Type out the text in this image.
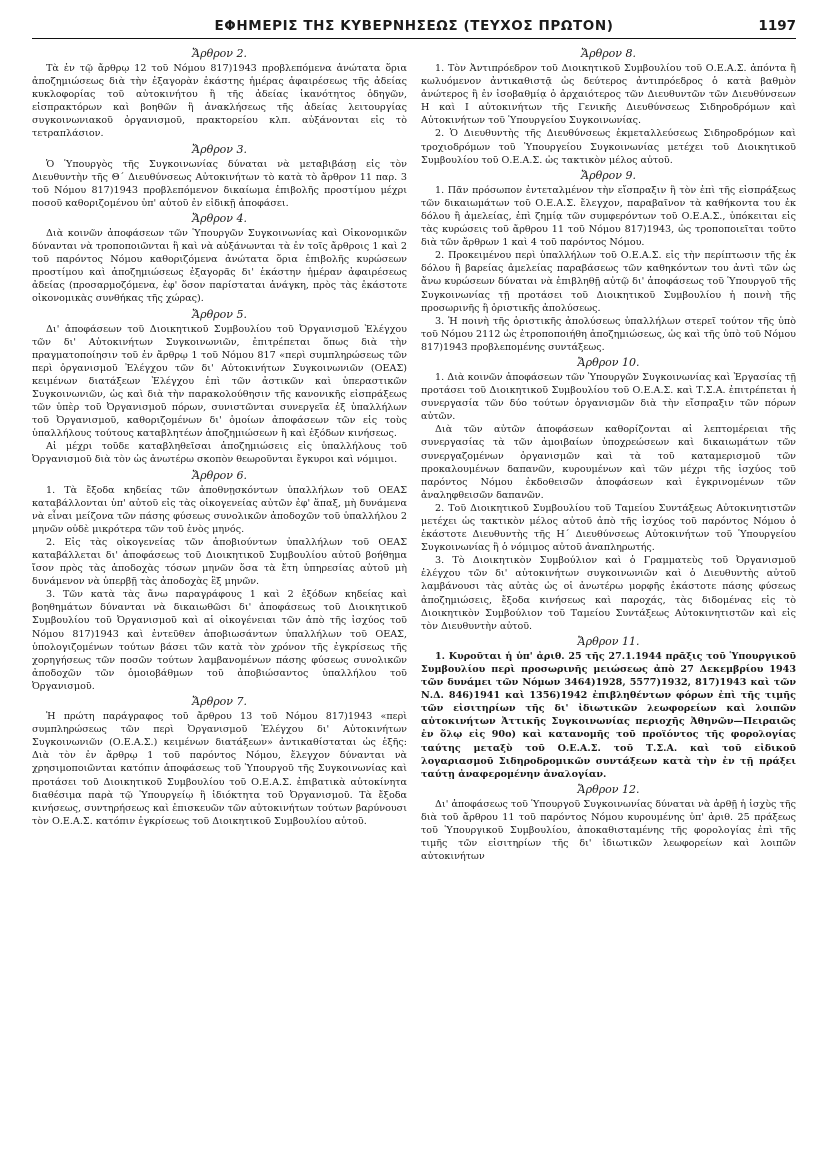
ΕΦΗΜΕΡΙΣ ΤΗΣ ΚΥΒΕΡΝΗΣΕΩΣ (ΤΕΥΧΟΣ ΠΡΩΤΟΝ)	1197
Ἄρθρον 2.

Τὰ ἐν τῷ ἄρθρῳ 12 τοῦ Νόμου 817)1943 προβλεπόμενα ἀνώτατα ὅρια ἀποζημιώσεως διὰ τὴν ἐξαγορὰν ἑκάστης ἡμέρας ἀφαιρέσεως τῆς ἀδείας κυκλοφορίας τοῦ αὐτοκινήτου ἢ τῆς ἀδείας ἱκανότητος ὁδηγῶν, εἰσπρακτόρων καὶ βοηθῶν ἢ ἀνακλήσεως τῆς ἀδείας λειτουργίας συγκοινωνιακοῦ ὀργανισμοῦ, πρακτορείου κλπ. αὐξάνονται εἰς τὸ τετραπλάσιον.

Ἄρθρον 3.

Ὁ Ὑπουργὸς τῆς Συγκοινωνίας δύναται νὰ μεταβιβάσῃ εἰς τὸν Διευθυντὴν τῆς Θ΄ Διευθύνσεως Αὐτοκινήτων τὸ κατὰ τὸ ἄρθρον 11 παρ. 3 τοῦ Νόμου 817)1943 προβλεπόμενον δικαίωμα ἐπιβολῆς προστίμου μέχρι ποσοῦ καθοριζομένου ὑπ' αὐτοῦ ἐν εἰδικῇ ἀποφάσει.

Ἄρθρον 4.

Διὰ κοινῶν ἀποφάσεων τῶν Ὑπουργῶν Συγκοινωνίας καὶ Οἰκονομικῶν δύνανται νὰ τροποποιῶνται ἢ καὶ νὰ αὐξάνωνται τὰ ἐν τοῖς ἄρθροις 1 καὶ 2 τοῦ παρόντος Νόμου καθοριζόμενα ἀνώτατα ὅρια ἐπιβολῆς κυρώσεων προστίμου καὶ ἀποζημιώσεως ἐξαγορᾶς δι' ἑκάστην ἡμέραν ἀφαιρέσεως ἀδείας (προσαρμοζόμενα, ἐφ' ὅσον παρίσταται ἀνάγκη, πρὸς τὰς ἑκάστοτε οἰκονομικὰς συνθήκας τῆς χώρας).

Ἄρθρον 5.

Δι' ἀποφάσεων τοῦ Διοικητικοῦ Συμβουλίου τοῦ Ὀργανισμοῦ Ἐλέγχου τῶν δι' Αὐτοκινήτων Συγκοινωνιῶν, ἐπιτρέπεται ὅπως διὰ τὴν πραγματοποίησιν τοῦ ἐν ἄρθρῳ 1 τοῦ Νόμου 817 «περὶ συμπληρώσεως τῶν περὶ ὀργανισμοῦ Ἐλέγχου τῶν δι' Αὐτοκινήτων Συγκοινωνιῶν (ΟΕΑΣ) κειμένων διατάξεων Ἐλέγχου ἐπὶ τῶν ἀστικῶν καὶ ὑπεραστικῶν Συγκοινωνιῶν, ὡς καὶ διὰ τὴν παρακολούθησιν τῆς κανονικῆς εἰσπράξεως τῶν ὑπὲρ τοῦ Ὀργανισμοῦ πόρων, συνιστῶνται συνεργεῖα ἐξ ὑπαλλήλων τοῦ Ὀργανισμοῦ, καθοριζομένων δι' ὁμοίων ἀποφάσεων τῶν εἰς τοὺς ὑπαλλήλους τούτους καταβλητέων ἀποζημιώσεων ἢ καὶ ἐξόδων κινήσεως.

Αἱ μέχρι τοῦδε καταβληθεῖσαι ἀποζημιώσεις εἰς ὑπαλλήλους τοῦ Ὀργανισμοῦ διὰ τὸν ὡς ἀνωτέρω σκοπὸν θεωροῦνται ἔγκυροι καὶ νόμιμοι.

Ἄρθρον 6.

1. Τὰ ἔξοδα κηδείας τῶν ἀποθνῃσκόντων ὑπαλλήλων τοῦ ΟΕΑΣ καταβάλλονται ὑπ' αὐτοῦ εἰς τὰς οἰκογενείας αὐτῶν ἐφ' ἅπαξ, μὴ δυνάμενα νὰ εἶναι μείζονα τῶν πάσης φύσεως συνολικῶν ἀποδοχῶν τοῦ ὑπαλλήλου 2 μηνῶν οὐδὲ μικρότερα τῶν τοῦ ἑνὸς μηνός.

2. Εἰς τὰς οἰκογενείας τῶν ἀποβιούντων ὑπαλλήλων τοῦ ΟΕΑΣ καταβάλλεται δι' ἀποφάσεως τοῦ Διοικητικοῦ Συμβουλίου αὐτοῦ βοήθημα ἴσον πρὸς τὰς ἀποδοχὰς τόσων μηνῶν ὅσα τὰ ἔτη ὑπηρεσίας αὐτοῦ μὴ δυνάμενον νὰ ὑπερβῇ τὰς ἀποδοχὰς ἓξ μηνῶν.

3. Τῶν κατὰ τὰς ἄνω παραγράφους 1 καὶ 2 ἐξόδων κηδείας καὶ βοηθημάτων δύνανται νὰ δικαιωθῶσι δι' ἀποφάσεως τοῦ Διοικητικοῦ Συμβουλίου τοῦ Ὀργανισμοῦ καὶ αἱ οἰκογένειαι τῶν ἀπὸ τῆς ἰσχύος τοῦ Νόμου 817)1943 καὶ ἐντεῦθεν ἀποβιωσάντων ὑπαλλήλων τοῦ ΟΕΑΣ, ὑπολογιζομένων τούτων βάσει τῶν κατὰ τὸν χρόνον τῆς ἐγκρίσεως τῆς χορηγήσεως τῶν ποσῶν τούτων λαμβανομένων πάσης φύσεως συνολικῶν ἀποδοχῶν τῶν ὁμοιοβάθμων τοῦ ἀποβιώσαντος ὑπαλλήλου τοῦ Ὀργανισμοῦ.

Ἄρθρον 7.

Ἡ πρώτη παράγραφος τοῦ ἄρθρου 13 τοῦ Νόμου 817)1943 «περὶ συμπληρώσεως τῶν περὶ Ὀργανισμοῦ Ἐλέγχου δι' Αὐτοκινήτων Συγκοινωνιῶν (Ο.Ε.Α.Σ.) κειμένων διατάξεων» ἀντικαθίσταται ὡς ἑξῆς: Διὰ τὸν ἐν ἄρθρῳ 1 τοῦ παρόντος Νόμου, ἔλεγχον δύνανται νὰ χρησιμοποιῶνται κατόπιν ἀποφάσεως τοῦ Ὑπουργοῦ τῆς Συγκοινωνίας καὶ προτάσει τοῦ Διοικητικοῦ Συμβουλίου τοῦ Ο.Ε.Α.Σ. ἐπιβατικὰ αὐτοκίνητα διαθέσιμα παρὰ τῷ Ὑπουργείῳ ἢ ἰδιόκτητα τοῦ Ὀργανισμοῦ. Τὰ ἔξοδα κινήσεως, συντηρήσεως καὶ ἐπισκευῶν τῶν αὐτοκινήτων τούτων βαρύνουσι τὸν Ο.Ε.Α.Σ. κατόπιν ἐγκρίσεως τοῦ Διοικητικοῦ Συμβουλίου αὐτοῦ.

Ἄρθρον 8.

1. Τὸν Ἀντιπρόεδρον τοῦ Διοικητικοῦ Συμβουλίου τοῦ Ο.Ε.Α.Σ. ἀπόντα ἢ κωλυόμενον ἀντικαθιστᾷ ὡς δεύτερος ἀντιπρόεδρος ὁ κατὰ βαθμὸν ἀνώτερος ἢ ἐν ἰσοβαθμίᾳ ὁ ἀρχαιότερος τῶν Διευθυντῶν τῶν Διευθύνσεων Η καὶ Ι αὐτοκινήτων τῆς Γενικῆς Διευθύνσεως Σιδηροδρόμων καὶ Αὐτοκινήτων τοῦ Ὑπουργείου Συγκοινωνίας.

2. Ὁ Διευθυντὴς τῆς Διευθύνσεως ἐκμεταλλεύσεως Σιδηροδρόμων καὶ τροχιοδρόμων τοῦ Ὑπουργείου Συγκοινωνίας μετέχει τοῦ Διοικητικοῦ Συμβουλίου τοῦ Ο.Ε.Α.Σ. ὡς τακτικὸν μέλος αὐτοῦ.

Ἄρθρον 9.

1. Πᾶν πρόσωπον ἐντεταλμένον τὴν εἴσπραξιν ἢ τὸν ἐπὶ τῆς εἰσπράξεως τῶν δικαιωμάτων τοῦ Ο.Ε.Α.Σ. ἔλεγχον, παραβαῖνον τὰ καθήκοντα του ἐκ δόλου ἢ ἀμελείας, ἐπὶ ζημίᾳ τῶν συμφερόντων τοῦ Ο.Ε.Α.Σ., ὑπόκειται εἰς τὰς κυρώσεις τοῦ ἄρθρου 11 τοῦ Νόμου 817)1943, ὡς τροποποιεῖται τοῦτο διὰ τῶν ἄρθρων 1 καὶ 4 τοῦ παρόντος Νόμου.

2. Προκειμένου περὶ ὑπαλλήλων τοῦ Ο.Ε.Α.Σ. εἰς τὴν περίπτωσιν τῆς ἐκ δόλου ἢ βαρείας ἀμελείας παραβάσεως τῶν καθηκόντων του ἀντὶ τῶν ὡς ἄνω κυρώσεων δύναται νὰ ἐπιβληθῇ αὐτῷ δι' ἀποφάσεως τοῦ Ὑπουργοῦ τῆς Συγκοινωνίας τῇ προτάσει τοῦ Διοικητικοῦ Συμβουλίου ἡ ποινὴ τῆς προσωρινῆς ἢ ὁριστικῆς ἀπολύσεως.

3. Ἡ ποινὴ τῆς ὁριστικῆς ἀπολύσεως ὑπαλλήλων στερεῖ τούτον τῆς ὑπὸ τοῦ Νόμου 2112 ὡς ἐτροποποιήθη ἀποζημιώσεως, ὡς καὶ τῆς ὑπὸ τοῦ Νόμου 817)1943 προβλεπομένης συντάξεως.

Ἄρθρον 10.

1. Διὰ κοινῶν ἀποφάσεων τῶν Ὑπουργῶν Συγκοινωνίας καὶ Ἐργασίας τῇ προτάσει τοῦ Διοικητικοῦ Συμβουλίου τοῦ Ο.Ε.Α.Σ. καὶ Τ.Σ.Α. ἐπιτρέπεται ἡ συνεργασία τῶν δύο τούτων ὀργανισμῶν διὰ τὴν εἴσπραξιν τῶν πόρων αὐτῶν.

Διὰ τῶν αὐτῶν ἀποφάσεων καθορίζονται αἱ λεπτομέρειαι τῆς συνεργασίας τὰ τῶν ἀμοιβαίων ὑποχρεώσεων καὶ δικαιωμάτων τῶν συνεργαζομένων ὀργανισμῶν καὶ τὰ τοῦ καταμερισμοῦ τῶν προκαλουμένων δαπανῶν, κυρουμένων καὶ τῶν μέχρι τῆς ἰσχύος τοῦ παρόντος Νόμου ἐκδοθεισῶν ἀποφάσεων καὶ ἐγκρινομένων τῶν ἀναληφθεισῶν δαπανῶν.

2. Τοῦ Διοικητικοῦ Συμβουλίου τοῦ Ταμείου Συντάξεως Αὐτοκινητιστῶν μετέχει ὡς τακτικὸν μέλος αὐτοῦ ἀπὸ τῆς ἰσχύος τοῦ παρόντος Νόμου ὁ ἑκάστοτε Διευθυντὴς τῆς Η΄ Διευθύνσεως Αὐτοκινήτων τοῦ Ὑπουργείου Συγκοινωνίας ἢ ὁ νόμιμος αὐτοῦ ἀναπληρωτής.

3. Τὸ Διοικητικὸν Συμβούλιον καὶ ὁ Γραμματεὺς τοῦ Ὀργανισμοῦ ἐλέγχου τῶν δι' αὐτοκινήτων συγκοινωνιῶν καὶ ὁ Διευθυντὴς αὐτοῦ λαμβάνουσι τὰς αὐτὰς ὡς οἱ ἀνωτέρω μορφῆς ἑκάστοτε πάσης φύσεως ἀποζημιώσεις, ἔξοδα κινήσεως καὶ παροχάς, τὰς διδομένας εἰς τὸ Διοικητικὸν Συμβούλιον τοῦ Ταμείου Συντάξεως Αὐτοκινητιστῶν καὶ εἰς τὸν Διευθυντὴν αὐτοῦ.

Ἄρθρον 11.

1. Κυροῦται ἡ ὑπ' ἀριθ. 25 τῆς 27.1.1944 πρᾶξις τοῦ Ὑπουργικοῦ Συμβουλίου περὶ προσωρινῆς μειώσεως ἀπὸ 27 Δεκεμβρίου 1943 τῶν δυνάμει τῶν Νόμων 3464)1928, 5577)1932, 817)1943 καὶ τῶν Ν.Δ. 846)1941 καὶ 1356)1942 ἐπιβληθέντων φόρων ἐπὶ τῆς τιμῆς τῶν εἰσιτηρίων τῆς δι' ἰδιωτικῶν λεωφορείων καὶ λοιπῶν αὐτοκινήτων Ἀττικῆς Συγκοινωνίας περιοχῆς Ἀθηνῶν—Πειραιῶς ἐν ὅλῳ εἰς 90ο) καὶ κατανομῆς τοῦ προϊόντος τῆς φορολογίας ταύτης μεταξὺ τοῦ Ο.Ε.Α.Σ. τοῦ Τ.Σ.Α. καὶ τοῦ εἰδικοῦ λογαριασμοῦ Σιδηροδρομικῶν συντάξεων κατὰ τὴν ἐν τῇ πράξει ταύτῃ ἀναφερομένην ἀναλογίαν.

Ἄρθρον 12.

Δι' ἀποφάσεως τοῦ Ὑπουργοῦ Συγκοινωνίας δύναται νὰ ἀρθῇ ἡ ἰσχὺς τῆς διὰ τοῦ ἄρθρου 11 τοῦ παρόντος Νόμου κυρουμένης ὑπ' ἀριθ. 25 πράξεως τοῦ Ὑπουργικοῦ Συμβουλίου, ἀποκαθισταμένης τῆς φορολογίας ἐπὶ τῆς τιμῆς τῶν εἰσιτηρίων τῆς δι' ἰδιωτικῶν λεωφορείων καὶ λοιπῶν αὐτοκινήτων
